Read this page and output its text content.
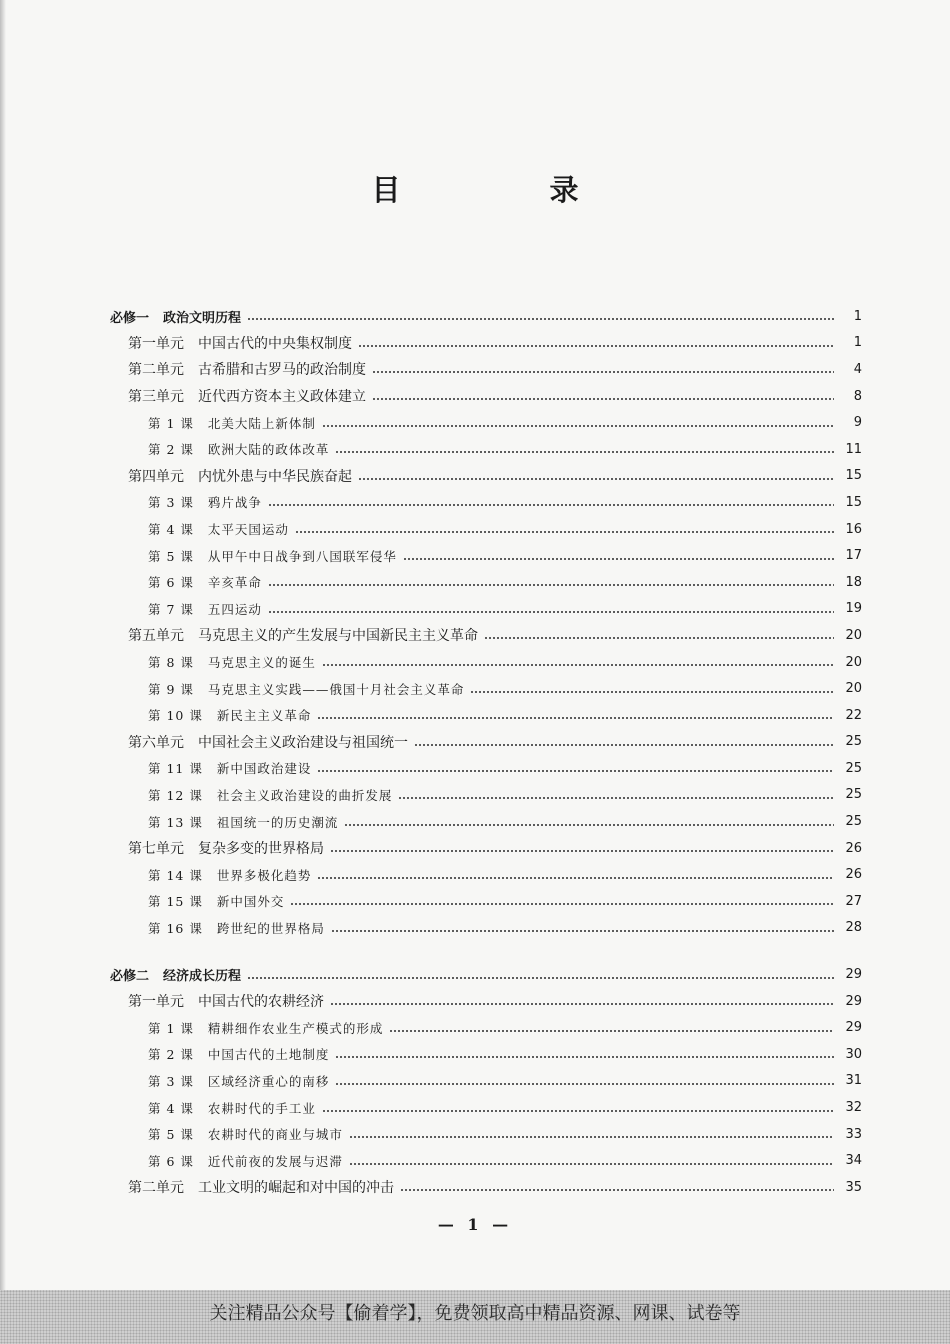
目　录
必修一 政治文明历程	1
第一单元 中国古代的中央集权制度	1
第二单元 古希腊和古罗马的政治制度	4
第三单元 近代西方资本主义政体建立	8
第 1 课 北美大陆上新体制	9
第 2 课 欧洲大陆的政体改革	11
第四单元 内忧外患与中华民族奋起	15
第 3 课 鸦片战争	15
第 4 课 太平天国运动	16
第 5 课 从甲午中日战争到八国联军侵华	17
第 6 课 辛亥革命	18
第 7 课 五四运动	19
第五单元 马克思主义的产生发展与中国新民主主义革命	20
第 8 课 马克思主义的诞生	20
第 9 课 马克思主义实践——俄国十月社会主义革命	20
第 10 课 新民主主义革命	22
第六单元 中国社会主义政治建设与祖国统一	25
第 11 课 新中国政治建设	25
第 12 课 社会主义政治建设的曲折发展	25
第 13 课 祖国统一的历史潮流	25
第七单元 复杂多变的世界格局	26
第 14 课 世界多极化趋势	26
第 15 课 新中国外交	27
第 16 课 跨世纪的世界格局	28
必修二 经济成长历程	29
第一单元 中国古代的农耕经济	29
第 1 课 精耕细作农业生产模式的形成	29
第 2 课 中国古代的土地制度	30
第 3 课 区域经济重心的南移	31
第 4 课 农耕时代的手工业	32
第 5 课 农耕时代的商业与城市	33
第 6 课 近代前夜的发展与迟滞	34
第二单元 工业文明的崛起和对中国的冲击	35
— 1 —
关注精品公众号【偷着学】，免费领取高中精品资源、网课、试卷等
